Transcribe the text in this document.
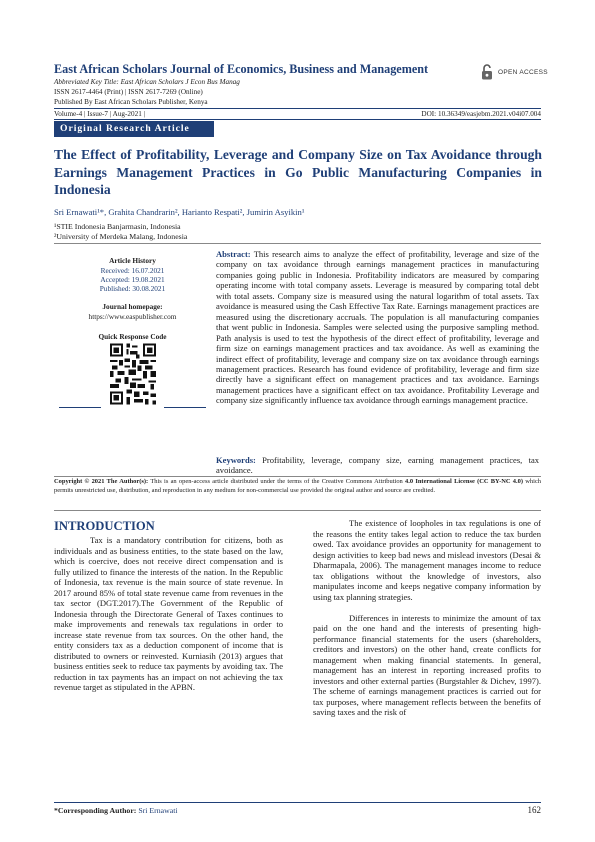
East African Scholars Journal of Economics, Business and Management
Abbreviated Key Title: East African Scholars J Econ Bus Manag
ISSN 2617-4464 (Print) | ISSN 2617-7269 (Online)
Published By East African Scholars Publisher, Kenya
OPEN ACCESS
Volume-4 | Issue-7 | Aug-2021 |	DOI: 10.36349/easjebm.2021.v04i07.004
Original Research Article
The Effect of Profitability, Leverage and Company Size on Tax Avoidance through Earnings Management Practices in Go Public Manufacturing Companies in Indonesia
Sri Ernawati¹*, Grahita Chandrarin², Harianto Respati², Jumirin Asyikin¹
¹STIE Indonesia Banjarmasin, Indonesia
²University of Merdeka Malang, Indonesia
Article History
Received: 16.07.2021
Accepted: 19.08.2021
Published: 30.08.2021
Journal homepage:
https://www.easpublisher.com
Quick Response Code
Abstract: This research aims to analyze the effect of profitability, leverage and size of the company on tax avoidance through earnings management practices in manufacturing companies going public in Indonesia. Profitability indicators are measured by comparing operating income with total company assets. Leverage is measured by comparing total debt with total assets. Company size is measured using the natural logarithm of total assets. Tax avoidance is measured using the Cash Effective Tax Rate. Earnings management practices are measured using the discretionary accruals. The population is all manufacturing companies that went public in Indonesia. Samples were selected using the purposive sampling method. Path analysis is used to test the hypothesis of the direct effect of profitability, leverage and firm size on earnings management practices and tax avoidance. As well as examining the indirect effect of profitability, leverage and company size on tax avoidance through earnings management practices. Research has found evidence of profitability, leverage and firm size directly have a significant effect on management practices and tax avoidance. Earnings management practices have a significant effect on tax avoidance. Profitability Leverage and company size significantly influence tax avoidance through earnings management practice.
Keywords: Profitability, leverage, company size, earning management practices, tax avoidance.
Copyright © 2021 The Author(s): This is an open-access article distributed under the terms of the Creative Commons Attribution 4.0 International License (CC BY-NC 4.0) which permits unrestricted use, distribution, and reproduction in any medium for non-commercial use provided the original author and source are credited.
INTRODUCTION

Tax is a mandatory contribution for citizens, both as individuals and as business entities, to the state based on the law, which is coercive, does not receive direct compensation and is fully utilized to finance the interests of the nation. In the Republic of Indonesia, tax revenue is the main source of state revenue. In 2017 around 85% of total state revenue came from revenues in the tax sector (DGT.2017).The Government of the Republic of Indonesia through the Directorate General of Taxes continues to make improvements and renewals tax regulations in order to increase state revenue from tax sources. On the other hand, the entity considers tax as a deduction component of income that is distributed to owners or reinvested. Kurniasih (2013) argues that business entities seek to reduce tax payments by avoiding tax. The reduction in tax payments has an impact on not achieving the tax revenue target as stipulated in the APBN.

The existence of loopholes in tax regulations is one of the reasons the entity takes legal action to reduce the tax burden owed. Tax avoidance provides an opportunity for management to design activities to keep bad news and mislead investors (Desai & Dharmapala, 2006). The management manages income to reduce tax obligations without the knowledge of investors, also manipulates income and keeps negative company information by using tax planning strategies.

Differences in interests to minimize the amount of tax paid on the one hand and the interests of presenting high-performance financial statements for the users (shareholders, creditors and investors) on the other hand, create conflicts for management when making financial statements. In general, management has an interest in reporting increased profits to investors and other external parties (Burgstahler & Dichev, 1997). The scheme of earnings management practices is carried out for tax purposes, where management reflects between the benefits of saving taxes and the risk of

*Corresponding Author: Sri Ernawati	162
